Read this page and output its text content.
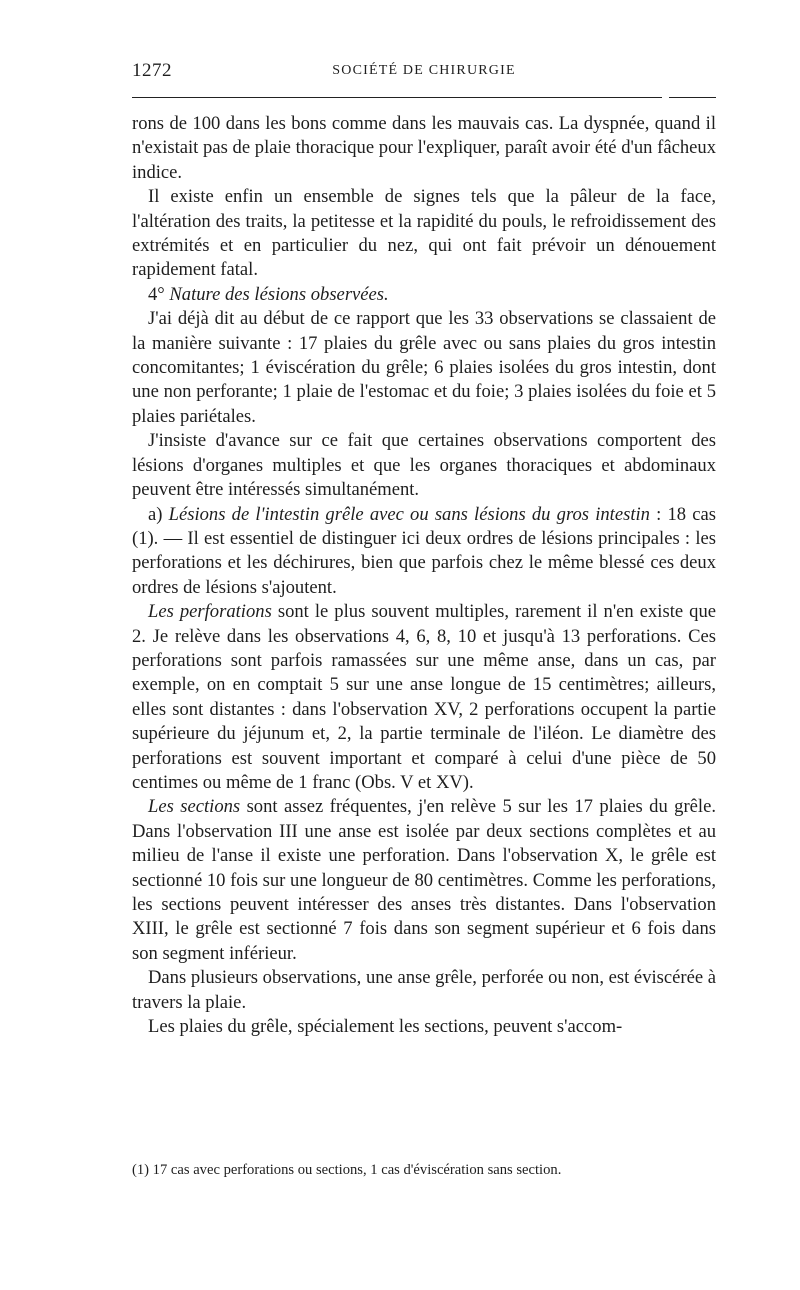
1272	SOCIÉTÉ DE CHIRURGIE

rons de 100 dans les bons comme dans les mauvais cas. La dyspnée, quand il n'existait pas de plaie thoracique pour l'expliquer, paraît avoir été d'un fâcheux indice.

Il existe enfin un ensemble de signes tels que la pâleur de la face, l'altération des traits, la petitesse et la rapidité du pouls, le refroidissement des extrémités et en particulier du nez, qui ont fait prévoir un dénouement rapidement fatal.

4° Nature des lésions observées.

J'ai déjà dit au début de ce rapport que les 33 observations se classaient de la manière suivante : 17 plaies du grêle avec ou sans plaies du gros intestin concomitantes; 1 éviscération du grêle; 6 plaies isolées du gros intestin, dont une non perforante; 1 plaie de l'estomac et du foie; 3 plaies isolées du foie et 5 plaies pariétales.

J'insiste d'avance sur ce fait que certaines observations comportent des lésions d'organes multiples et que les organes thoraciques et abdominaux peuvent être intéressés simultanément.

a) Lésions de l'intestin grêle avec ou sans lésions du gros intestin : 18 cas (1). — Il est essentiel de distinguer ici deux ordres de lésions principales : les perforations et les déchirures, bien que parfois chez le même blessé ces deux ordres de lésions s'ajoutent.

Les perforations sont le plus souvent multiples, rarement il n'en existe que 2. Je relève dans les observations 4, 6, 8, 10 et jusqu'à 13 perforations. Ces perforations sont parfois ramassées sur une même anse, dans un cas, par exemple, on en comptait 5 sur une anse longue de 15 centimètres; ailleurs, elles sont distantes : dans l'observation XV, 2 perforations occupent la partie supérieure du jéjunum et, 2, la partie terminale de l'iléon. Le diamètre des perforations est souvent important et comparé à celui d'une pièce de 50 centimes ou même de 1 franc (Obs. V et XV).

Les sections sont assez fréquentes, j'en relève 5 sur les 17 plaies du grêle. Dans l'observation III une anse est isolée par deux sections complètes et au milieu de l'anse il existe une perforation. Dans l'observation X, le grêle est sectionné 10 fois sur une longueur de 80 centimètres. Comme les perforations, les sections peuvent intéresser des anses très distantes. Dans l'observation XIII, le grêle est sectionné 7 fois dans son segment supérieur et 6 fois dans son segment inférieur.

Dans plusieurs observations, une anse grêle, perforée ou non, est éviscérée à travers la plaie.

Les plaies du grêle, spécialement les sections, peuvent s'accom-

(1) 17 cas avec perforations ou sections, 1 cas d'éviscération sans section.
